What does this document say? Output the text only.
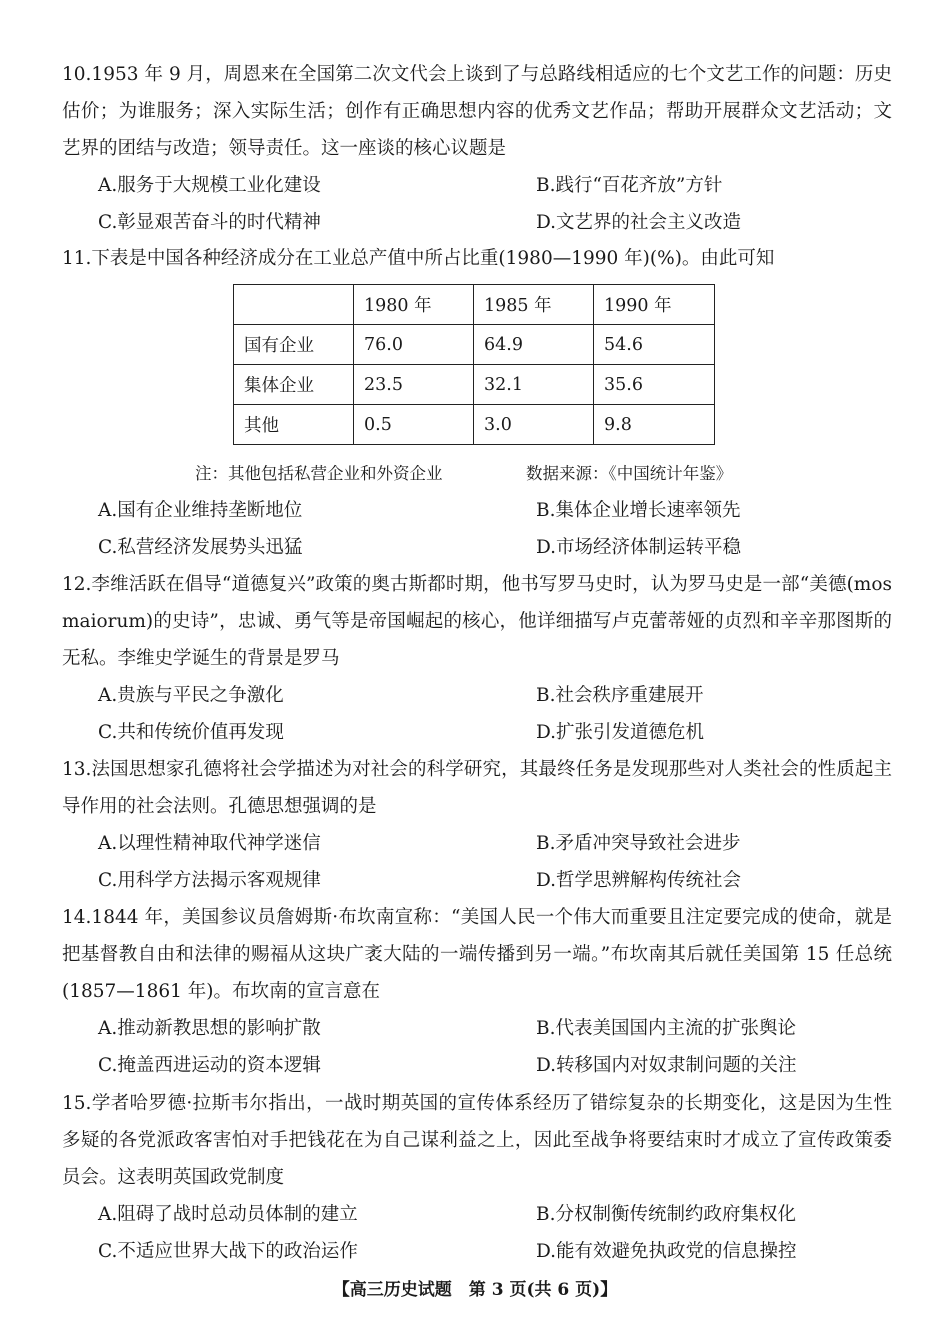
10.1953 年 9 月，周恩来在全国第二次文代会上谈到了与总路线相适应的七个文艺工作的问题：历史估价；为谁服务；深入实际生活；创作有正确思想内容的优秀文艺作品；帮助开展群众文艺活动；文艺界的团结与改造；领导责任。这一座谈的核心议题是

A.服务于大规模工业化建设	B.践行“百花齐放”方针
C.彰显艰苦奋斗的时代精神	D.文艺界的社会主义改造

11.下表是中国各种经济成分在工业总产值中所占比重(1980—1990 年)(%)。由此可知

	1980 年	1985 年	1990 年
国有企业	76.0	64.9	54.6
集体企业	23.5	32.1	35.6
其他	0.5	3.0	9.8
注：其他包括私营企业和外资企业	数据来源：《中国统计年鉴》
A.国有企业维持垄断地位	B.集体企业增长速率领先
C.私营经济发展势头迅猛	D.市场经济体制运转平稳

12.李维活跃在倡导“道德复兴”政策的奥古斯都时期，他书写罗马史时，认为罗马史是一部“美德(mos maiorum)的史诗”，忠诚、勇气等是帝国崛起的核心，他详细描写卢克蕾蒂娅的贞烈和辛辛那图斯的无私。李维史学诞生的背景是罗马

A.贵族与平民之争激化	B.社会秩序重建展开
C.共和传统价值再发现	D.扩张引发道德危机

13.法国思想家孔德将社会学描述为对社会的科学研究，其最终任务是发现那些对人类社会的性质起主导作用的社会法则。孔德思想强调的是

A.以理性精神取代神学迷信	B.矛盾冲突导致社会进步
C.用科学方法揭示客观规律	D.哲学思辨解构传统社会

14.1844 年，美国参议员詹姆斯·布坎南宣称：“美国人民一个伟大而重要且注定要完成的使命，就是把基督教自由和法律的赐福从这块广袤大陆的一端传播到另一端。”布坎南其后就任美国第 15 任总统(1857—1861 年)。布坎南的宣言意在

A.推动新教思想的影响扩散	B.代表美国国内主流的扩张舆论
C.掩盖西进运动的资本逻辑	D.转移国内对奴隶制问题的关注

15.学者哈罗德·拉斯韦尔指出，一战时期英国的宣传体系经历了错综复杂的长期变化，这是因为生性多疑的各党派政客害怕对手把钱花在为自己谋利益之上，因此至战争将要结束时才成立了宣传政策委员会。这表明英国政党制度

A.阻碍了战时总动员体制的建立	B.分权制衡传统制约政府集权化
C.不适应世界大战下的政治运作	D.能有效避免执政党的信息操控
【高三历史试题　第 3 页(共 6 页)】
